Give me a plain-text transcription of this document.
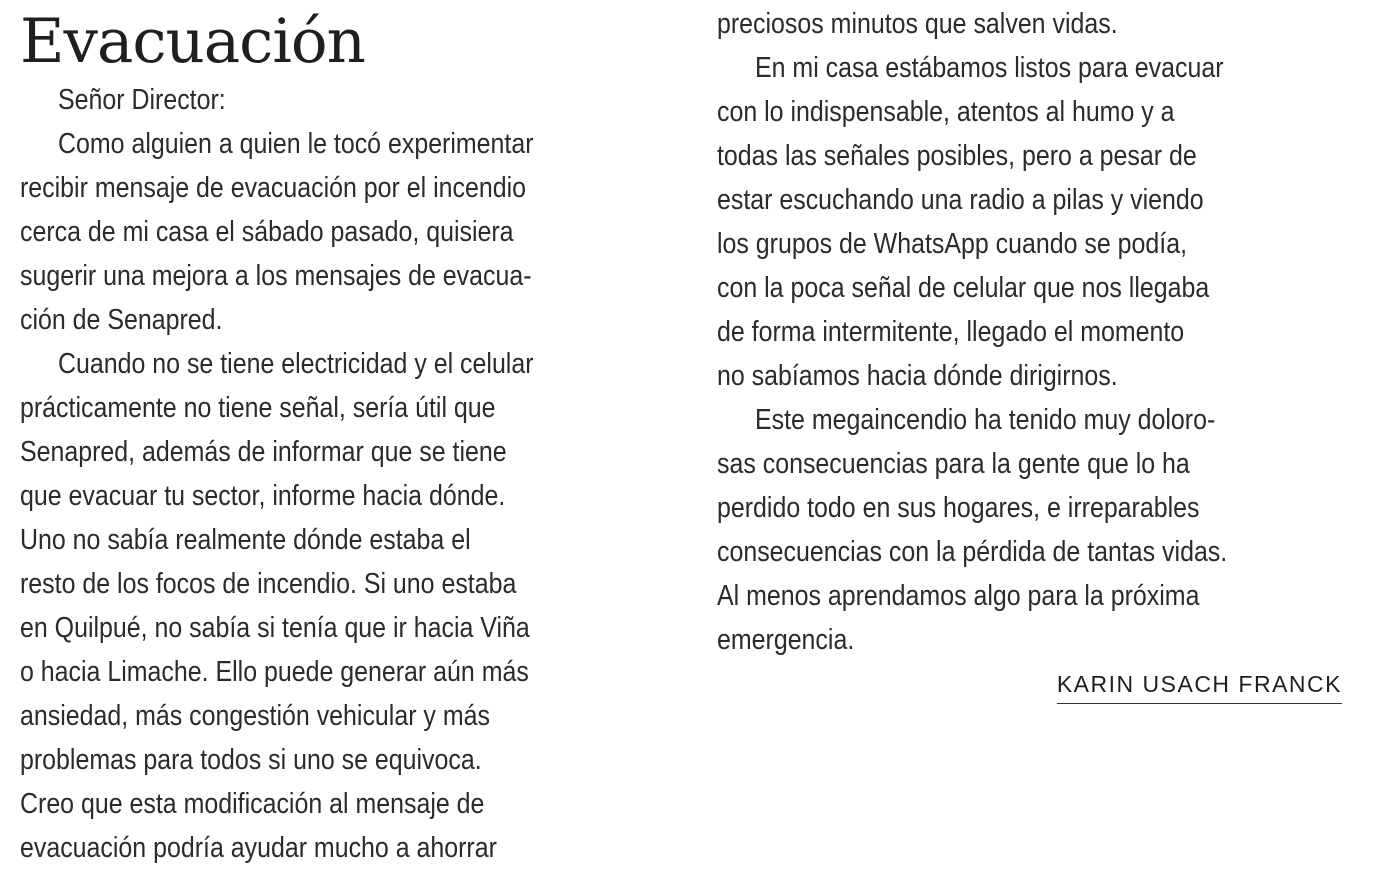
Evacuación

Señor Director:

Como alguien a quien le tocó experimentar

recibir mensaje de evacuación por el incendio

cerca de mi casa el sábado pasado, quisiera

sugerir una mejora a los mensajes de evacua-

ción de Senapred.

Cuando no se tiene electricidad y el celular

prácticamente no tiene señal, sería útil que

Senapred, además de informar que se tiene

que evacuar tu sector, informe hacia dónde.

Uno no sabía realmente dónde estaba el

resto de los focos de incendio. Si uno estaba

en Quilpué, no sabía si tenía que ir hacia Viña

o hacia Limache. Ello puede generar aún más

ansiedad, más congestión vehicular y más

problemas para todos si uno se equivoca.

Creo que esta modificación al mensaje de

evacuación podría ayudar mucho a ahorrar

preciosos minutos que salven vidas.

En mi casa estábamos listos para evacuar

con lo indispensable, atentos al humo y a

todas las señales posibles, pero a pesar de

estar escuchando una radio a pilas y viendo

los grupos de WhatsApp cuando se podía,

con la poca señal de celular que nos llegaba

de forma intermitente, llegado el momento

no sabíamos hacia dónde dirigirnos.

Este megaincendio ha tenido muy doloro-

sas consecuencias para la gente que lo ha

perdido todo en sus hogares, e irreparables

consecuencias con la pérdida de tantas vidas.

Al menos aprendamos algo para la próxima

emergencia.

KARIN USACH FRANCK
